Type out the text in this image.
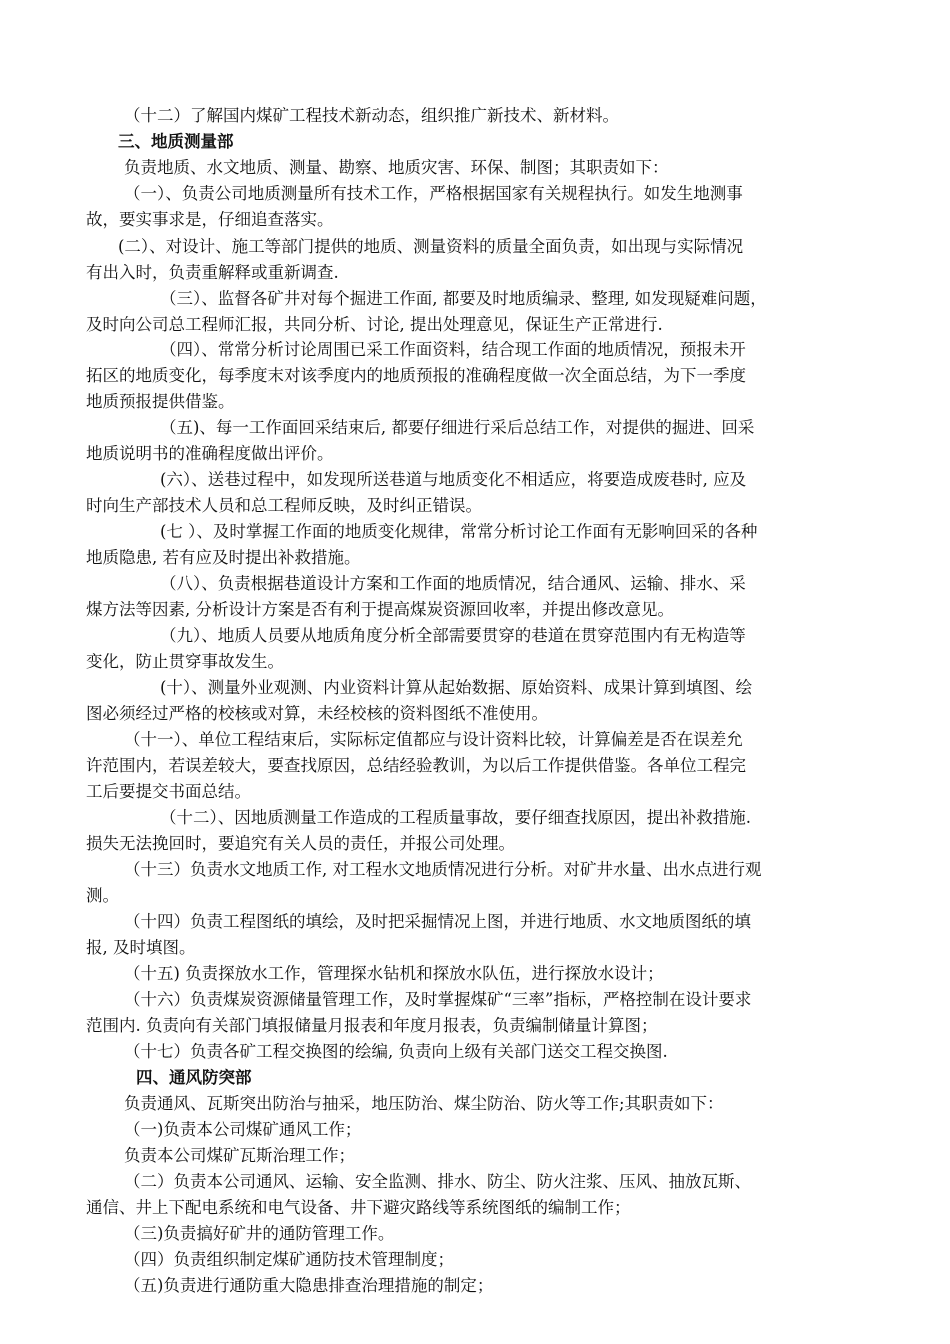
（十二）了解国内煤矿工程技术新动态，组织推广新技术、新材料。
三、地质测量部
负责地质、水文地质、测量、勘察、地质灾害、环保、制图；其职责如下：
（一）、负责公司地质测量所有技术工作，严格根据国家有关规程执行。如发生地测事
故，要实事求是，仔细追查落实。
(二）、对设计、施工等部门提供的地质、测量资料的质量全面负责，如出现与实际情况
有出入时，负责重解释或重新调查.
（三）、监督各矿井对每个掘进工作面, 都要及时地质编录、整理, 如发现疑难问题，
及时向公司总工程师汇报，共同分析、讨论, 提出处理意见，保证生产正常进行.
（四）、常常分析讨论周围已采工作面资料，结合现工作面的地质情况，预报未开
拓区的地质变化，每季度末对该季度内的地质预报的准确程度做一次全面总结，为下一季度
地质预报提供借鉴。
（五)、每一工作面回采结束后, 都要仔细进行采后总结工作，对提供的掘进、回采
地质说明书的准确程度做出评价。
(六）、送巷过程中，如发现所送巷道与地质变化不相适应，将要造成废巷时, 应及
时向生产部技术人员和总工程师反映，及时纠正错误。
(七 ）、及时掌握工作面的地质变化规律，常常分析讨论工作面有无影响回采的各种
地质隐患, 若有应及时提出补救措施。
（八）、负责根据巷道设计方案和工作面的地质情况，结合通风、运输、排水、采
煤方法等因素, 分析设计方案是否有利于提高煤炭资源回收率，并提出修改意见。
（九）、地质人员要从地质角度分析全部需要贯穿的巷道在贯穿范围内有无构造等
变化，防止贯穿事故发生。
(十）、测量外业观测、内业资料计算从起始数据、原始资料、成果计算到填图、绘
图必须经过严格的校核或对算，未经校核的资料图纸不准使用。
（十一）、单位工程结束后，实际标定值都应与设计资料比较，计算偏差是否在误差允
许范围内，若误差较大，要查找原因，总结经验教训，为以后工作提供借鉴。各单位工程完
工后要提交书面总结。
（十二）、因地质测量工作造成的工程质量事故，要仔细查找原因，提出补救措施.
损失无法挽回时，要追究有关人员的责任，并报公司处理。
（十三）负责水文地质工作, 对工程水文地质情况进行分析。对矿井水量、出水点进行观
测。
（十四）负责工程图纸的填绘，及时把采掘情况上图，并进行地质、水文地质图纸的填
报, 及时填图。
（十五) 负责探放水工作，管理探水钻机和探放水队伍，进行探放水设计；
（十六）负责煤炭资源储量管理工作，及时掌握煤矿“三率”指标，严格控制在设计要求
范围内. 负责向有关部门填报储量月报表和年度月报表，负责编制储量计算图；
（十七）负责各矿工程交换图的绘编, 负责向上级有关部门送交工程交换图.
四、通风防突部
负责通风、瓦斯突出防治与抽采，地压防治、煤尘防治、防火等工作;其职责如下：
（一)负责本公司煤矿通风工作；
负责本公司煤矿瓦斯治理工作；
（二）负责本公司通风、运输、安全监测、排水、防尘、防火注浆、压风、抽放瓦斯、
通信、井上下配电系统和电气设备、井下避灾路线等系统图纸的编制工作；
（三)负责搞好矿井的通防管理工作。
（四）负责组织制定煤矿通防技术管理制度；
（五)负责进行通防重大隐患排查治理措施的制定；
